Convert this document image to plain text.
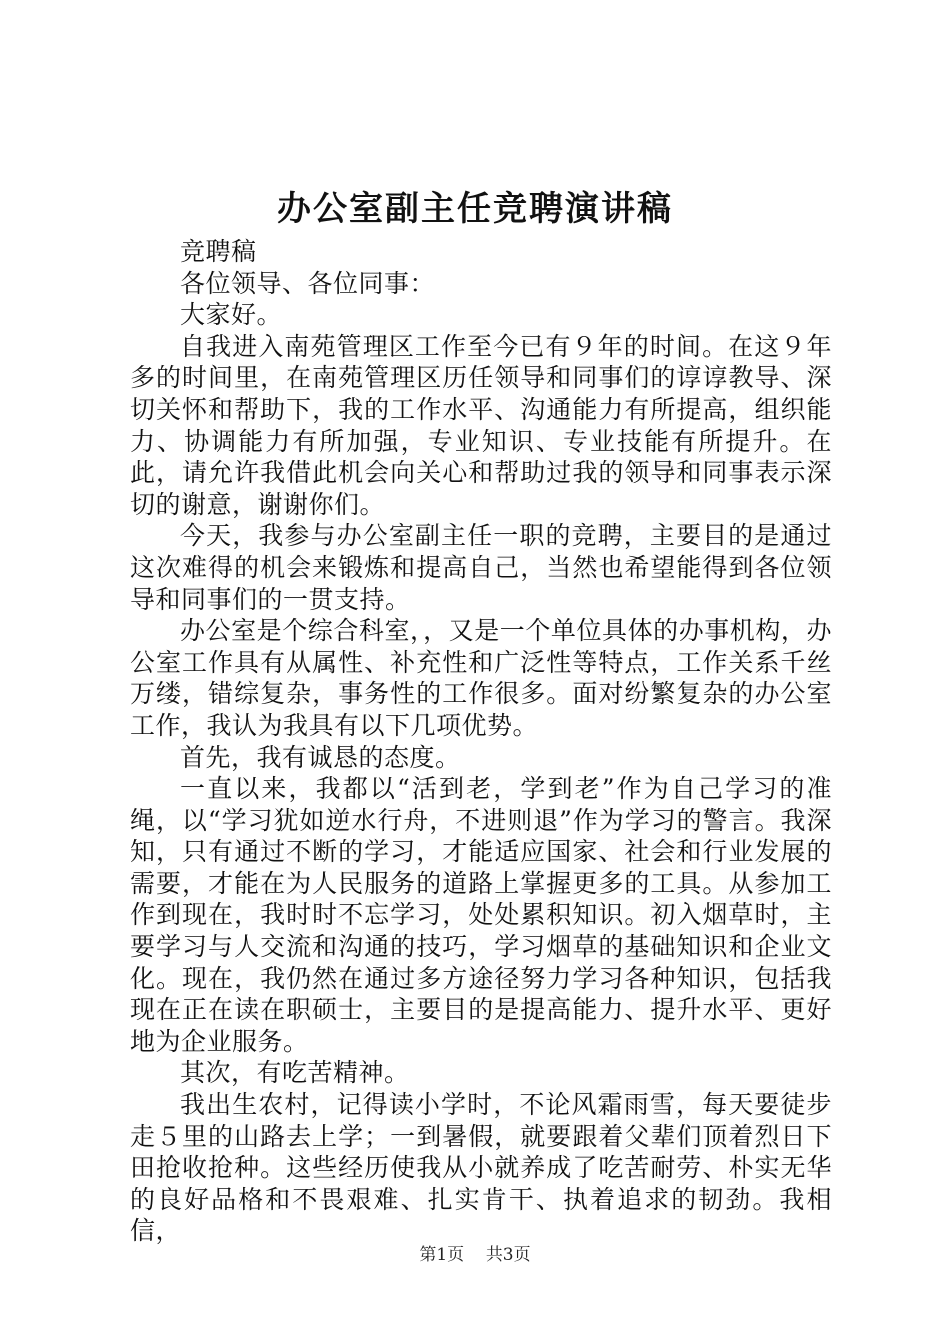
办公室副主任竞聘演讲稿

竞聘稿

各位领导、各位同事：

大家好。

自我进入南苑管理区工作至今已有９年的时间。在这９年多的时间里，在南苑管理区历任领导和同事们的谆谆教导、深切关怀和帮助下，我的工作水平、沟通能力有所提高，组织能力、协调能力有所加强，专业知识、专业技能有所提升。在此，请允许我借此机会向关心和帮助过我的领导和同事表示深切的谢意，谢谢你们。

今天，我参与办公室副主任一职的竞聘，主要目的是通过这次难得的机会来锻炼和提高自己，当然也希望能得到各位领导和同事们的一贯支持。

办公室是个综合科室，，又是一个单位具体的办事机构，办公室工作具有从属性、补充性和广泛性等特点，工作关系千丝万缕，错综复杂，事务性的工作很多。面对纷繁复杂的办公室工作，我认为我具有以下几项优势。

首先，我有诚恳的态度。

一直以来，我都以“活到老，学到老”作为自己学习的准绳，以“学习犹如逆水行舟，不进则退”作为学习的警言。我深知，只有通过不断的学习，才能适应国家、社会和行业发展的需要，才能在为人民服务的道路上掌握更多的工具。从参加工作到现在，我时时不忘学习，处处累积知识。初入烟草时，主要学习与人交流和沟通的技巧，学习烟草的基础知识和企业文化。现在，我仍然在通过多方途径努力学习各种知识，包括我现在正在读在职硕士，主要目的是提高能力、提升水平、更好地为企业服务。

其次，有吃苦精神。

我出生农村，记得读小学时，不论风霜雨雪，每天要徒步走５里的山路去上学；一到暑假，就要跟着父辈们顶着烈日下田抢收抢种。这些经历使我从小就养成了吃苦耐劳、朴实无华的良好品格和不畏艰难、扎实肯干、执着追求的韧劲。我相信，

第1页 共3页
